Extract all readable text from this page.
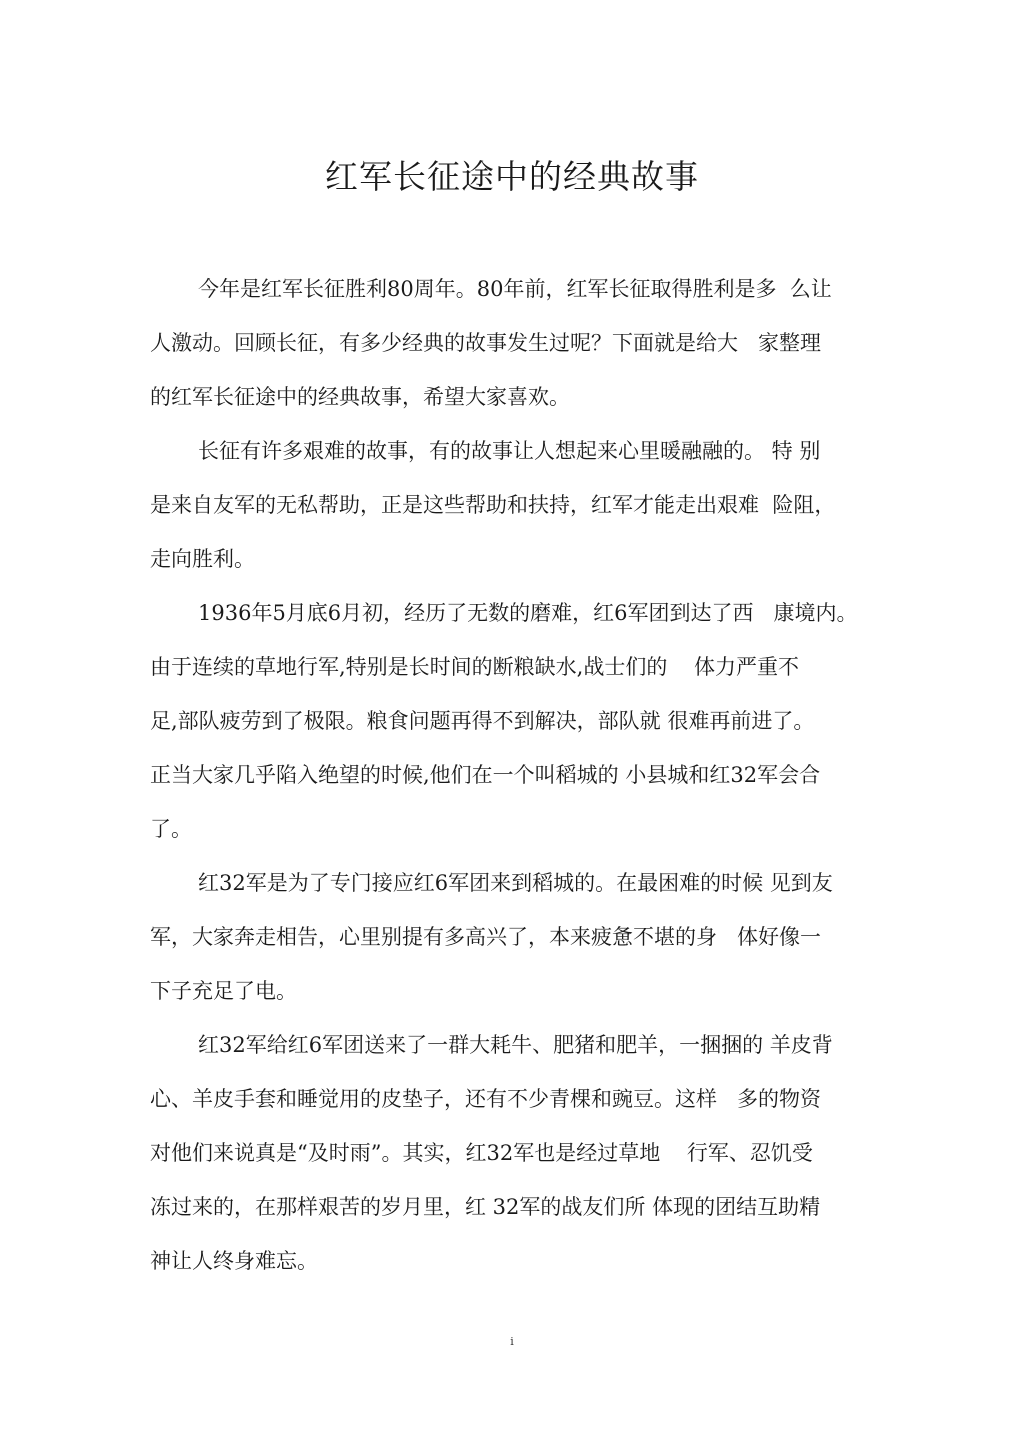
红军长征途中的经典故事
今年是红军长征胜利80周年。80年前，红军长征取得胜利是多  么让
人激动。回顾长征，有多少经典的故事发生过呢？下面就是给大   家整理
的红军长征途中的经典故事，希望大家喜欢。
长征有许多艰难的故事，有的故事让人想起来心里暖融融的。 特 别
是来自友军的无私帮助，正是这些帮助和扶持，红军才能走出艰难  险阻，
走向胜利。
1936年5月底6月初，经历了无数的磨难，红6军团到达了西   康境内。
由于连续的草地行军,特别是长时间的断粮缺水,战士们的    体力严重不
足,部队疲劳到了极限。粮食问题再得不到解决，部队就 很难再前进了。
正当大家几乎陷入绝望的时候,他们在一个叫稻城的 小县城和红32军会合
了。
红32军是为了专门接应红6军团来到稻城的。在最困难的时候 见到友
军，大家奔走相告，心里别提有多高兴了，本来疲惫不堪的身   体好像一
下子充足了电。
红32军给红6军团送来了一群大耗牛、肥猪和肥羊，一捆捆的 羊皮背
心、羊皮手套和睡觉用的皮垫子，还有不少青棵和豌豆。这样   多的物资
对他们来说真是“及时雨”。其实，红32军也是经过草地    行军、忍饥受
冻过来的，在那样艰苦的岁月里，红 32军的战友们所 体现的团结互助精
神让人终身难忘。
i
